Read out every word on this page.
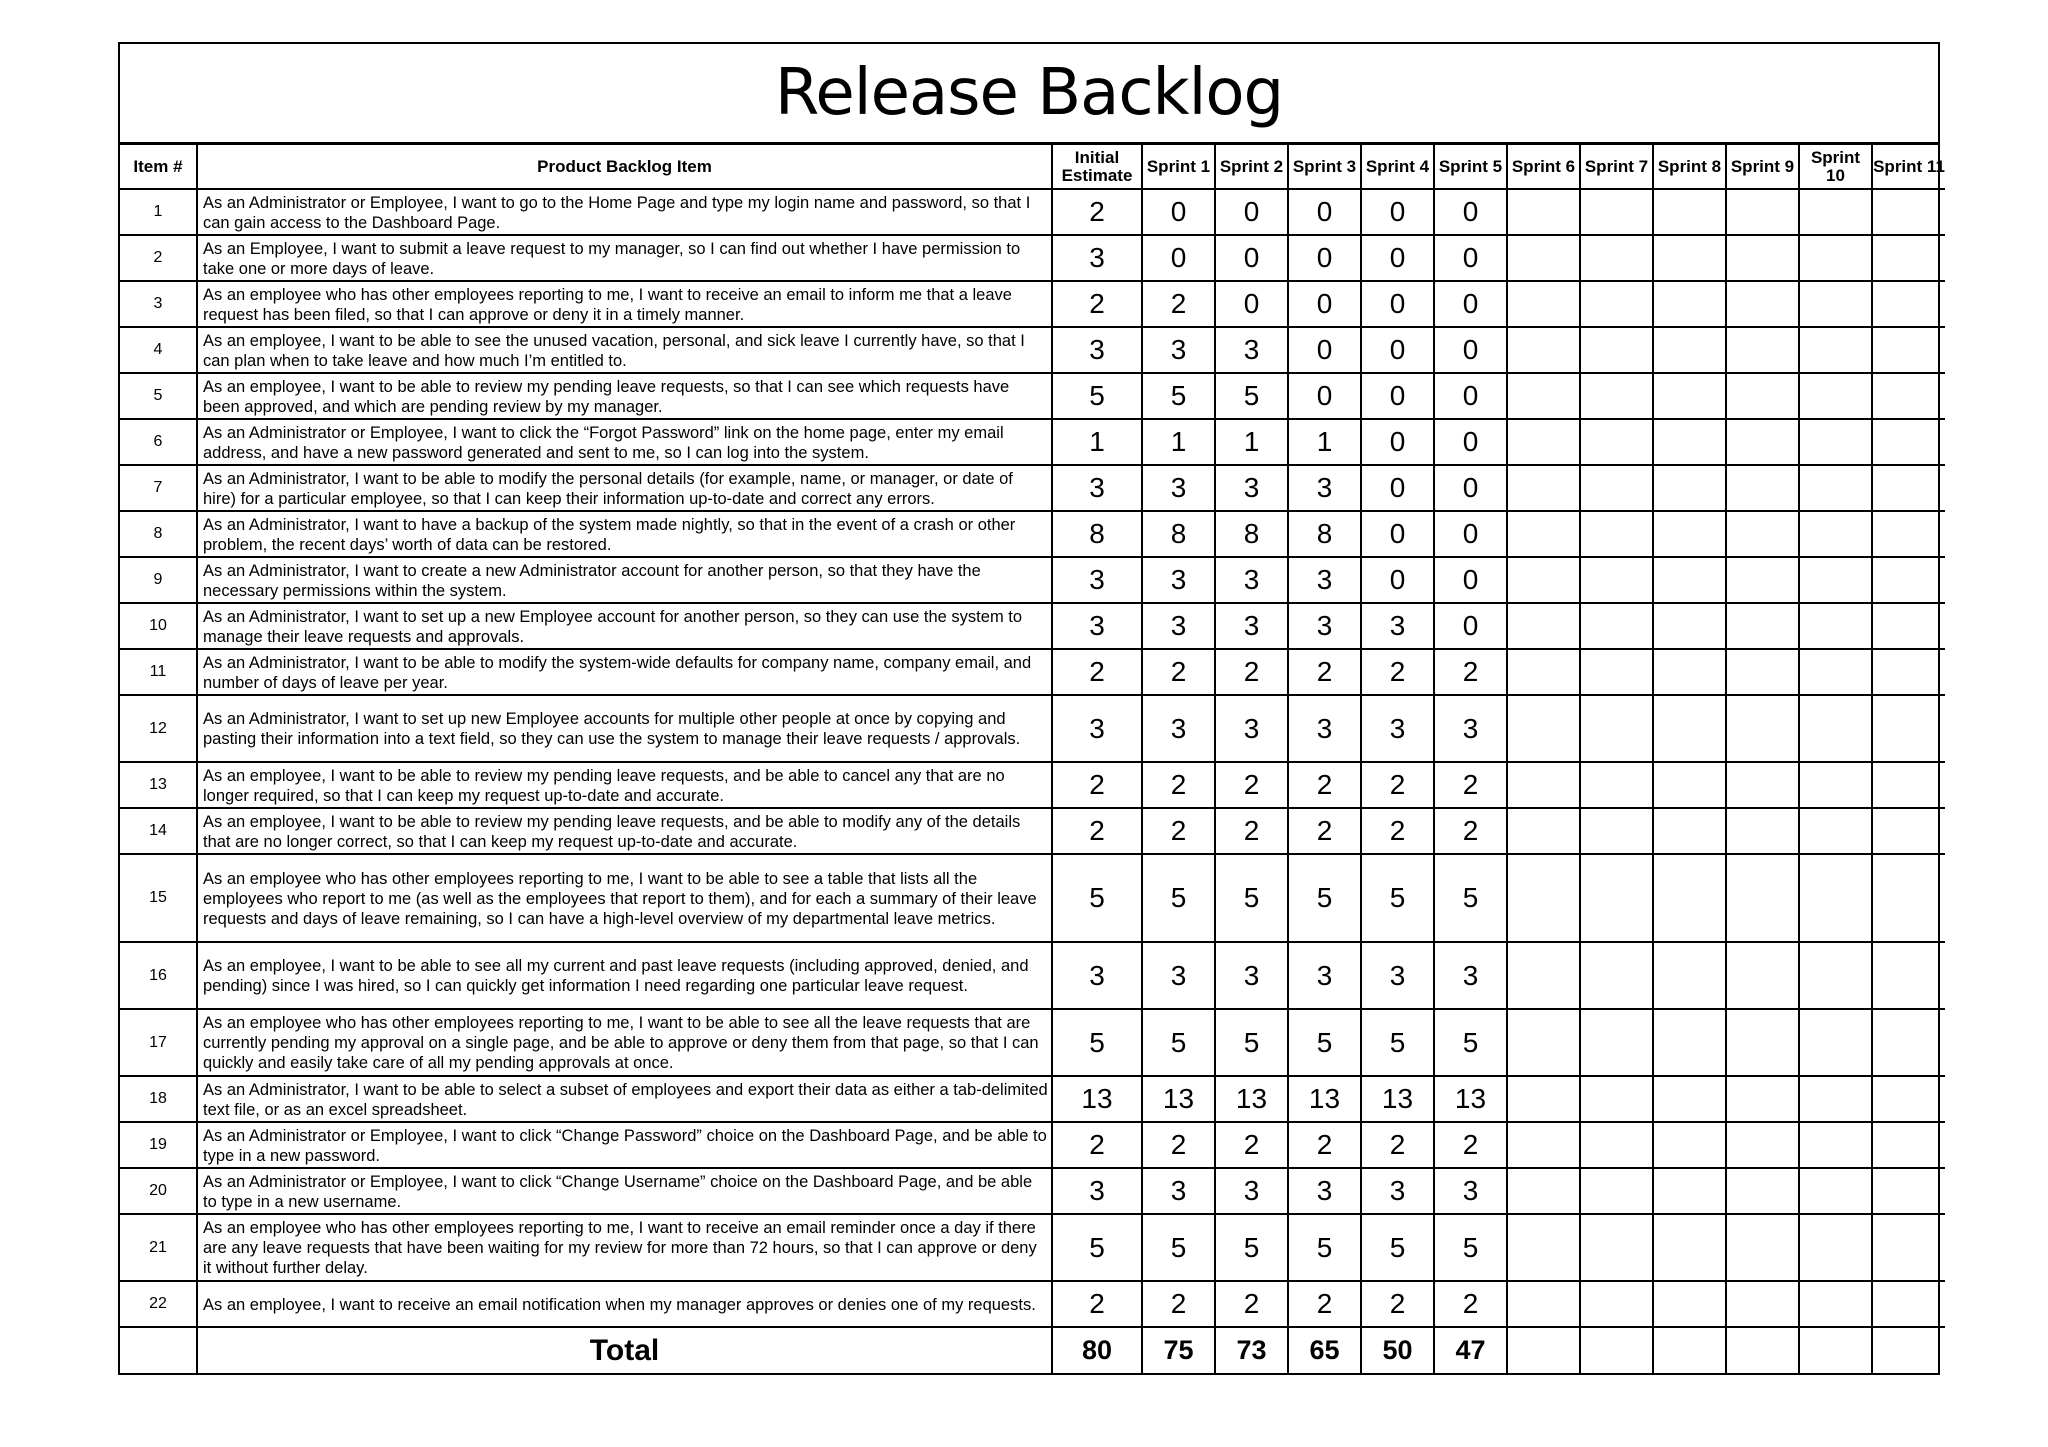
Release Backlog
Item #	Product Backlog Item	Initial Estimate	Sprint 1	Sprint 2	Sprint 3	Sprint 4	Sprint 5	Sprint 6	Sprint 7	Sprint 8	Sprint 9	Sprint 10	Sprint 11
1	As an Administrator or Employee, I want to go to the Home Page and type my login name and password, so that I can gain access to the Dashboard Page.	2	0	0	0	0	0						
2	As an Employee, I want to submit a leave request to my manager, so I can find out whether I have permission to take one or more days of leave.	3	0	0	0	0	0						
3	As an employee who has other employees reporting to me, I want to receive an email to inform me that a leave request has been filed, so that I can approve or deny it in a timely manner.	2	2	0	0	0	0						
4	As an employee, I want to be able to see the unused vacation, personal, and sick leave I currently have, so that I can plan when to take leave and how much I’m entitled to.	3	3	3	0	0	0						
5	As an employee, I want to be able to review my pending leave requests, so that I can see which requests have been approved, and which are pending review by my manager.	5	5	5	0	0	0						
6	As an Administrator or Employee, I want to click the “Forgot Password” link on the home page, enter my email address, and have a new password generated and sent to me, so I can log into the system.	1	1	1	1	0	0						
7	As an Administrator, I want to be able to modify the personal details (for example, name, or manager, or date of hire) for a particular employee, so that I can keep their information up-to-date and correct any errors.	3	3	3	3	0	0						
8	As an Administrator, I want to have a backup of the system made nightly, so that in the event of a crash or other problem, the recent days’ worth of data can be restored.	8	8	8	8	0	0						
9	As an Administrator, I want to create a new Administrator account for another person, so that they have the necessary permissions within the system.	3	3	3	3	0	0						
10	As an Administrator, I want to set up a new Employee account for another person, so they can use the system to manage their leave requests and approvals.	3	3	3	3	3	0						
11	As an Administrator, I want to be able to modify the system-wide defaults for company name, company email, and number of days of leave per year.	2	2	2	2	2	2						
12	As an Administrator, I want to set up new Employee accounts for multiple other people at once by copying and pasting their information into a text field, so they can use the system to manage their leave requests / approvals.	3	3	3	3	3	3						
13	As an employee, I want to be able to review my pending leave requests, and be able to cancel any that are no longer required, so that I can keep my request up-to-date and accurate.	2	2	2	2	2	2						
14	As an employee, I want to be able to review my pending leave requests, and be able to modify any of the details that are no longer correct, so that I can keep my request up-to-date and accurate.	2	2	2	2	2	2						
15	As an employee who has other employees reporting to me, I want to be able to see a table that lists all the employees who report to me (as well as the employees that report to them), and for each a summary of their leave requests and days of leave remaining, so I can have a high-level overview of my departmental leave metrics.	5	5	5	5	5	5						
16	As an employee, I want to be able to see all my current and past leave requests (including approved, denied, and pending) since I was hired, so I can quickly get information I need regarding one particular leave request.	3	3	3	3	3	3						
17	As an employee who has other employees reporting to me, I want to be able to see all the leave requests that are currently pending my approval on a single page, and be able to approve or deny them from that page, so that I can quickly and easily take care of all my pending approvals at once.	5	5	5	5	5	5						
18	As an Administrator, I want to be able to select a subset of employees and export their data as either a tab-delimited text file, or as an excel spreadsheet.	13	13	13	13	13	13						
19	As an Administrator or Employee, I want to click “Change Password” choice on the Dashboard Page, and be able to type in a new password.	2	2	2	2	2	2						
20	As an Administrator or Employee, I want to click “Change Username” choice on the Dashboard Page, and be able to type in a new username.	3	3	3	3	3	3						
21	As an employee who has other employees reporting to me, I want to receive an email reminder once a day if there are any leave requests that have been waiting for my review for more than 72 hours, so that I can approve or deny it without further delay.	5	5	5	5	5	5						
22	As an employee, I want to receive an email notification when my manager approves or denies one of my requests.	2	2	2	2	2	2						
	Total	80	75	73	65	50	47						
